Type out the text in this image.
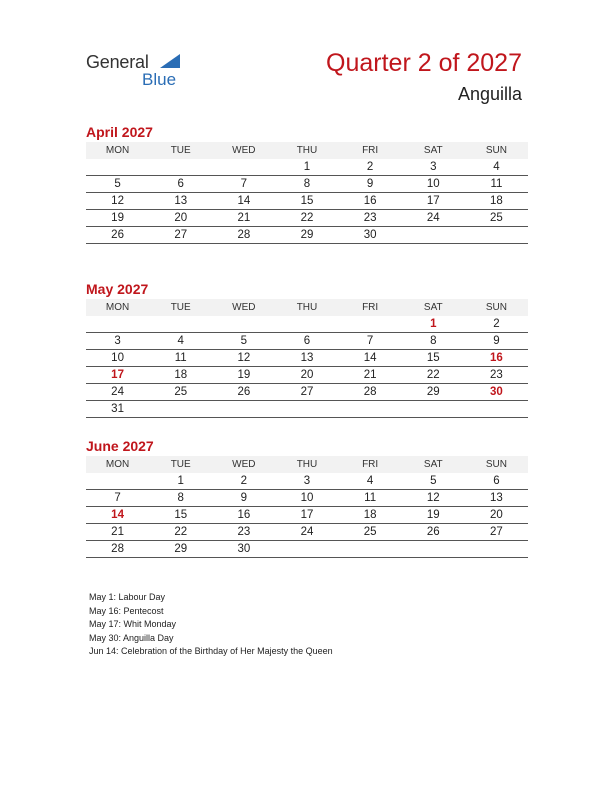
General
Blue
Quarter 2 of 2027
Anguilla
April 2027
MON	TUE	WED	THU	FRI	SAT	SUN
			1	2	3	4
5	6	7	8	9	10	11
12	13	14	15	16	17	18
19	20	21	22	23	24	25
26	27	28	29	30		
May 2027
MON	TUE	WED	THU	FRI	SAT	SUN
					1	2
3	4	5	6	7	8	9
10	11	12	13	14	15	16
17	18	19	20	21	22	23
24	25	26	27	28	29	30
31						
June 2027
MON	TUE	WED	THU	FRI	SAT	SUN
	1	2	3	4	5	6
7	8	9	10	11	12	13
14	15	16	17	18	19	20
21	22	23	24	25	26	27
28	29	30				
May 1: Labour Day
May 16: Pentecost
May 17: Whit Monday
May 30: Anguilla Day
Jun 14: Celebration of the Birthday of Her Majesty the Queen
